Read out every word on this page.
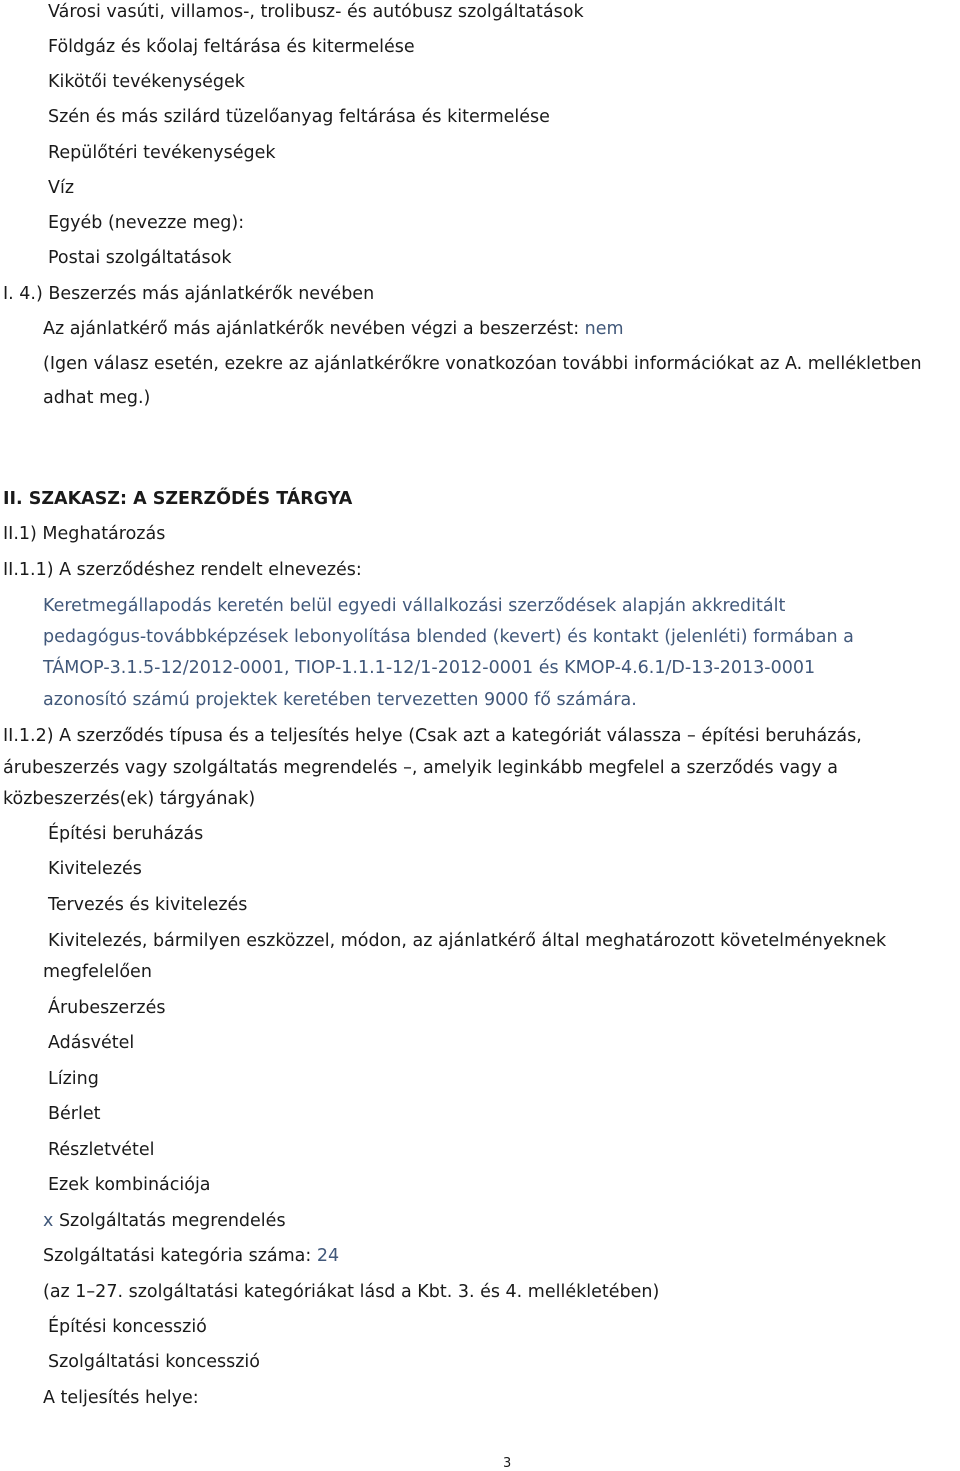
Városi vasúti, villamos-, trolibusz- és autóbusz szolgáltatások
Földgáz és kőolaj feltárása és kitermelése
Kikötői tevékenységek
Szén és más szilárd tüzelőanyag feltárása és kitermelése
Repülőtéri tevékenységek
Víz
Egyéb (nevezze meg):
Postai szolgáltatások
I. 4.) Beszerzés más ajánlatkérők nevében
Az ajánlatkérő más ajánlatkérők nevében végzi a beszerzést: nem
(Igen válasz esetén, ezekre az ajánlatkérőkre vonatkozóan további információkat az A. mellékletben
adhat meg.)
II. SZAKASZ: A SZERZŐDÉS TÁRGYA
II.1) Meghatározás
II.1.1) A szerződéshez rendelt elnevezés:
Keretmegállapodás keretén belül egyedi vállalkozási szerződések alapján akkreditált
pedagógus-továbbképzések lebonyolítása blended (kevert) és kontakt (jelenléti) formában a
TÁMOP-3.1.5-12/2012-0001, TIOP-1.1.1-12/1-2012-0001 és KMOP-4.6.1/D-13-2013-0001
azonosító számú projektek keretében tervezetten 9000 fő számára.
II.1.2) A szerződés típusa és a teljesítés helye (Csak azt a kategóriát válassza – építési beruházás,
árubeszerzés vagy szolgáltatás megrendelés –, amelyik leginkább megfelel a szerződés vagy a
közbeszerzés(ek) tárgyának)
Építési beruházás
Kivitelezés
Tervezés és kivitelezés
Kivitelezés, bármilyen eszközzel, módon, az ajánlatkérő által meghatározott követelményeknek
megfelelően
Árubeszerzés
Adásvétel
Lízing
Bérlet
Részletvétel
Ezek kombinációja
x Szolgáltatás megrendelés
Szolgáltatási kategória száma: 24
(az 1–27. szolgáltatási kategóriákat lásd a Kbt. 3. és 4. mellékletében)
Építési koncesszió
Szolgáltatási koncesszió
A teljesítés helye:
3
